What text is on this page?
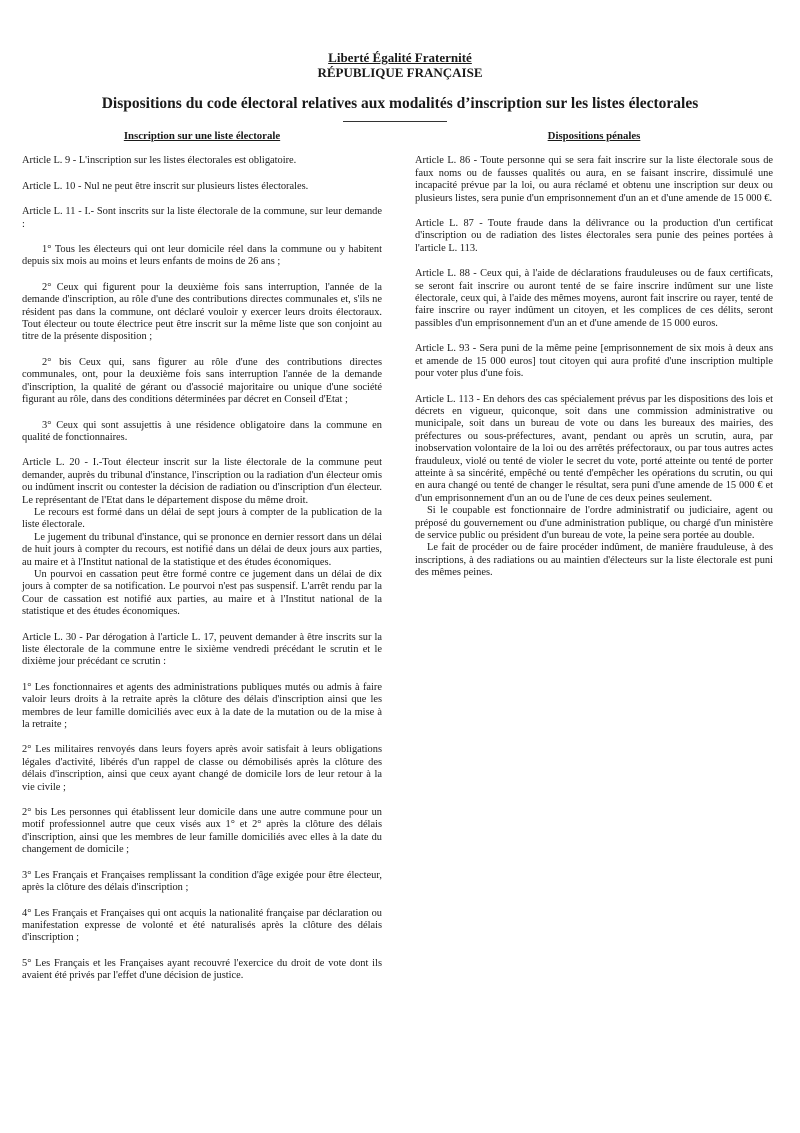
Liberté Égalité Fraternité
RÉPUBLIQUE FRANÇAISE
Dispositions du code électoral relatives aux modalités d’inscription sur les listes électorales
Inscription sur une liste électorale

Article L. 9 - L'inscription sur les listes électorales est obligatoire.

Article L. 10 - Nul ne peut être inscrit sur plusieurs listes électorales.

Article L. 11 - I.- Sont inscrits sur la liste électorale de la commune, sur leur demande :

1° Tous les électeurs qui ont leur domicile réel dans la commune ou y habitent depuis six mois au moins et leurs enfants de moins de 26 ans ;

2° Ceux qui figurent pour la deuxième fois sans interruption, l'année de la demande d'inscription, au rôle d'une des contributions directes communales et, s'ils ne résident pas dans la commune, ont déclaré vouloir y exercer leurs droits électoraux. Tout électeur ou toute électrice peut être inscrit sur la même liste que son conjoint au titre de la présente disposition ;

2° bis Ceux qui, sans figurer au rôle d'une des contributions directes communales, ont, pour la deuxième fois sans interruption l'année de la demande d'inscription, la qualité de gérant ou d'associé majoritaire ou unique d'une société figurant au rôle, dans des conditions déterminées par décret en Conseil d'Etat ;

3° Ceux qui sont assujettis à une résidence obligatoire dans la commune en qualité de fonctionnaires.

Article L. 20 - I.-Tout électeur inscrit sur la liste électorale de la commune peut demander, auprès du tribunal d'instance, l'inscription ou la radiation d'un électeur omis ou indûment inscrit ou contester la décision de radiation ou d'inscription d'un électeur. Le représentant de l'Etat dans le département dispose du même droit.

Le recours est formé dans un délai de sept jours à compter de la publication de la liste électorale.

Le jugement du tribunal d'instance, qui se prononce en dernier ressort dans un délai de huit jours à compter du recours, est notifié dans un délai de deux jours aux parties, au maire et à l'Institut national de la statistique et des études économiques.

Un pourvoi en cassation peut être formé contre ce jugement dans un délai de dix jours à compter de sa notification. Le pourvoi n'est pas suspensif. L'arrêt rendu par la Cour de cassation est notifié aux parties, au maire et à l'Institut national de la statistique et des études économiques.

Article L. 30 - Par dérogation à l'article L. 17, peuvent demander à être inscrits sur la liste électorale de la commune entre le sixième vendredi précédant le scrutin et le dixième jour précédant ce scrutin :

1° Les fonctionnaires et agents des administrations publiques mutés ou admis à faire valoir leurs droits à la retraite après la clôture des délais d'inscription ainsi que les membres de leur famille domiciliés avec eux à la date de la mutation ou de la mise à la retraite ;

2° Les militaires renvoyés dans leurs foyers après avoir satisfait à leurs obligations légales d'activité, libérés d'un rappel de classe ou démobilisés après la clôture des délais d'inscription, ainsi que ceux ayant changé de domicile lors de leur retour à la vie civile ;

2° bis Les personnes qui établissent leur domicile dans une autre commune pour un motif professionnel autre que ceux visés aux 1° et 2° après la clôture des délais d'inscription, ainsi que les membres de leur famille domiciliés avec elles à la date du changement de domicile ;

3° Les Français et Françaises remplissant la condition d'âge exigée pour être électeur, après la clôture des délais d'inscription ;

4° Les Français et Françaises qui ont acquis la nationalité française par déclaration ou manifestation expresse de volonté et été naturalisés après la clôture des délais d'inscription ;

5° Les Français et les Françaises ayant recouvré l'exercice du droit de vote dont ils avaient été privés par l'effet d'une décision de justice.

Dispositions pénales

Article L. 86 - Toute personne qui se sera fait inscrire sur la liste électorale sous de faux noms ou de fausses qualités ou aura, en se faisant inscrire, dissimulé une incapacité prévue par la loi, ou aura réclamé et obtenu une inscription sur deux ou plusieurs listes, sera punie d'un emprisonnement d'un an et d'une amende de 15 000 €.

Article L. 87 - Toute fraude dans la délivrance ou la production d'un certificat d'inscription ou de radiation des listes électorales sera punie des peines portées à l'article L. 113.

Article L. 88 - Ceux qui, à l'aide de déclarations frauduleuses ou de faux certificats, se seront fait inscrire ou auront tenté de se faire inscrire indûment sur une liste électorale, ceux qui, à l'aide des mêmes moyens, auront fait inscrire ou rayer, tenté de faire inscrire ou rayer indûment un citoyen, et les complices de ces délits, seront passibles d'un emprisonnement d'un an et d'une amende de 15 000 euros.

Article L. 93 - Sera puni de la même peine [emprisonnement de six mois à deux ans et amende de 15 000 euros] tout citoyen qui aura profité d'une inscription multiple pour voter plus d'une fois.

Article L. 113 - En dehors des cas spécialement prévus par les dispositions des lois et décrets en vigueur, quiconque, soit dans une commission administrative ou municipale, soit dans un bureau de vote ou dans les bureaux des mairies, des préfectures ou sous-préfectures, avant, pendant ou après un scrutin, aura, par inobservation volontaire de la loi ou des arrêtés préfectoraux, ou par tous autres actes frauduleux, violé ou tenté de violer le secret du vote, porté atteinte ou tenté de porter atteinte à sa sincérité, empêché ou tenté d'empêcher les opérations du scrutin, ou qui en aura changé ou tenté de changer le résultat, sera puni d'une amende de 15 000 € et d'un emprisonnement d'un an ou de l'une de ces deux peines seulement.

Si le coupable est fonctionnaire de l'ordre administratif ou judiciaire, agent ou préposé du gouvernement ou d'une administration publique, ou chargé d'un ministère de service public ou président d'un bureau de vote, la peine sera portée au double.

Le fait de procéder ou de faire procéder indûment, de manière frauduleuse, à des inscriptions, à des radiations ou au maintien d'électeurs sur la liste électorale est puni des mêmes peines.
